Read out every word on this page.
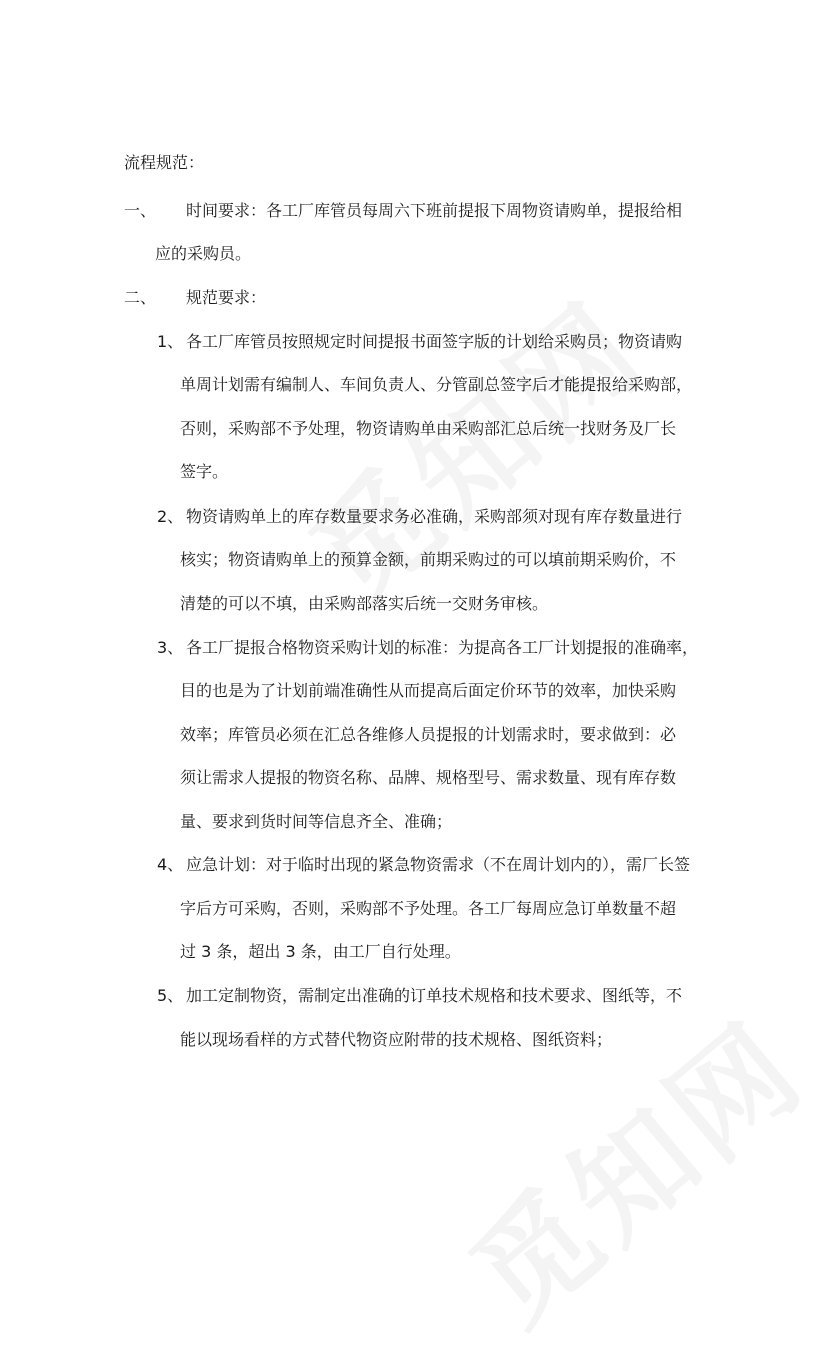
流程规范：
一、 时间要求：各工厂库管员每周六下班前提报下周物资请购单，提报给相
应的采购员。
二、 规范要求：
1、 各工厂库管员按照规定时间提报书面签字版的计划给采购员；物资请购
单周计划需有编制人、车间负责人、分管副总签字后才能提报给采购部，
否则，采购部不予处理，物资请购单由采购部汇总后统一找财务及厂长
签字。
2、 物资请购单上的库存数量要求务必准确，采购部须对现有库存数量进行
核实；物资请购单上的预算金额，前期采购过的可以填前期采购价，不
清楚的可以不填，由采购部落实后统一交财务审核。
3、 各工厂提报合格物资采购计划的标准：为提高各工厂计划提报的准确率，
目的也是为了计划前端准确性从而提高后面定价环节的效率，加快采购
效率；库管员必须在汇总各维修人员提报的计划需求时，要求做到：必
须让需求人提报的物资名称、品牌、规格型号、需求数量、现有库存数
量、要求到货时间等信息齐全、准确；
4、 应急计划：对于临时出现的紧急物资需求（不在周计划内的），需厂长签
字后方可采购，否则，采购部不予处理。各工厂每周应急订单数量不超
过 3 条，超出 3 条，由工厂自行处理。
5、 加工定制物资，需制定出准确的订单技术规格和技术要求、图纸等，不
能以现场看样的方式替代物资应附带的技术规格、图纸资料；
